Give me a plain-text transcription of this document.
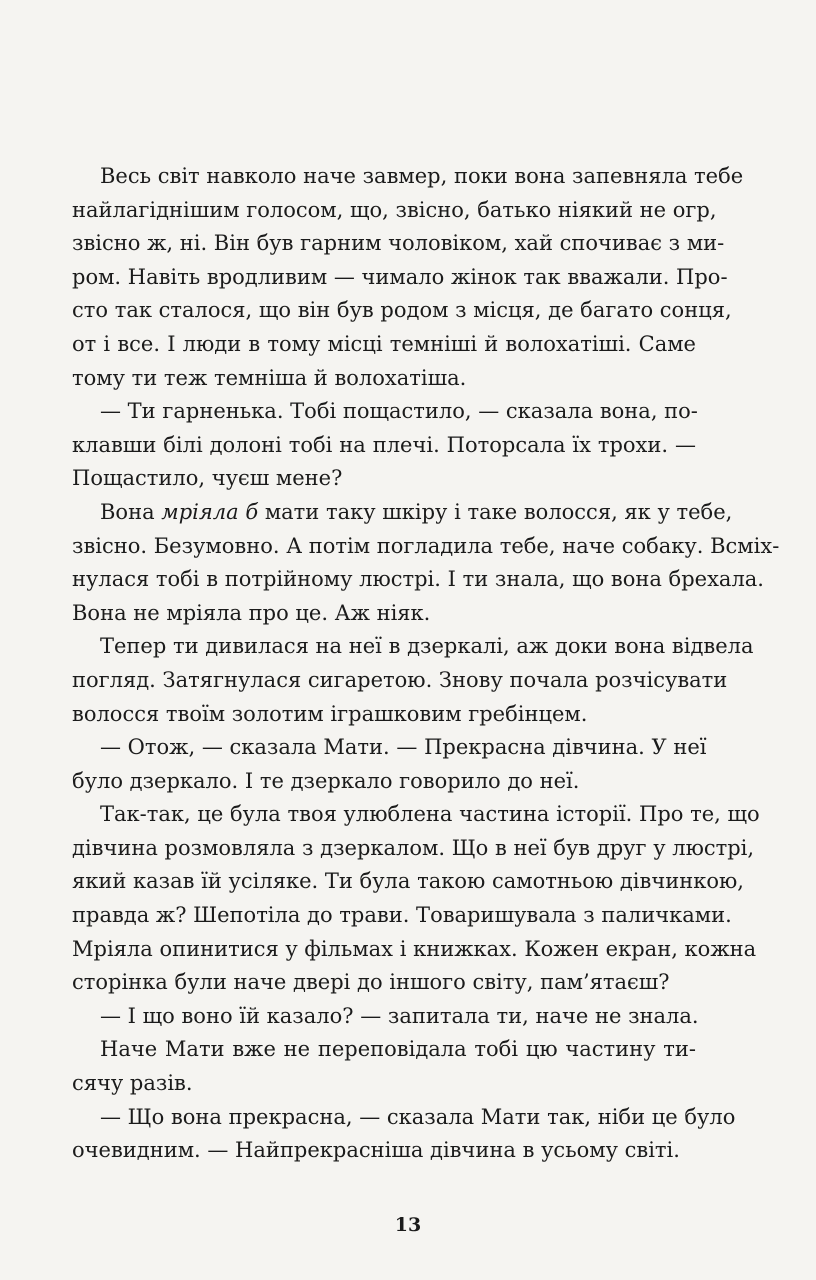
Весь світ навколо наче завмер, поки вона запевняла тебе
найлагіднішим голосом, що, звісно, батько ніякий не огр,
звісно ж, ні. Він був гарним чоловіком, хай спочиває з ми-
ром. Навіть вродливим — чимало жінок так вважали. Про-
сто так сталося, що він був родом з місця, де багато сонця,
от і все. І люди в тому місці темніші й волохатіші. Саме
тому ти теж темніша й волохатіша.
— Ти гарненька. Тобі пощастило, — сказала вона, по-
клавши білі долоні тобі на плечі. Поторсала їх трохи. —
Пощастило, чуєш мене?
Вона мріяла б мати таку шкіру і таке волосся, як у тебе,
звісно. Безумовно. А потім погладила тебе, наче собаку. Всміх-
нулася тобі в потрійному люстрі. І ти знала, що вона брехала.
Вона не мріяла про це. Аж ніяк.
Тепер ти дивилася на неї в дзеркалі, аж доки вона відвела
погляд. Затягнулася сигаретою. Знову почала розчісувати
волосся твоїм золотим іграшковим гребінцем.
— Отож, — сказала Мати. — Прекрасна дівчина. У неї
було дзеркало. І те дзеркало говорило до неї.
Так-так, це була твоя улюблена частина історії. Про те, що
дівчина розмовляла з дзеркалом. Що в неї був друг у люстрі,
який казав їй усіляке. Ти була такою самотньою дівчинкою,
правда ж? Шепотіла до трави. Товаришувала з паличками.
Мріяла опинитися у фільмах і книжках. Кожен екран, кожна
сторінка були наче двері до іншого світу, пам’ятаєш?
— І що воно їй казало? — запитала ти, наче не знала.
Наче Мати вже не переповідала тобі цю частину ти-
сячу разів.
— Що вона прекрасна, — сказала Мати так, ніби це було
очевидним. — Найпрекрасніша дівчина в усьому світі.
13
